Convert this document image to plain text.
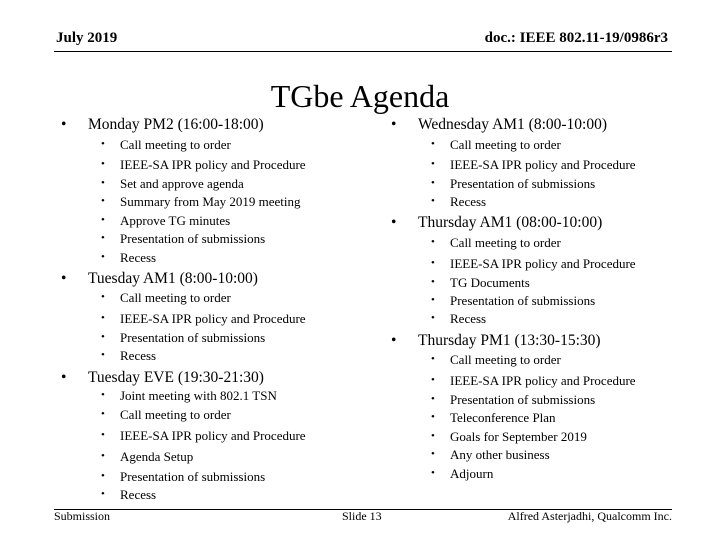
July 2019	doc.: IEEE 802.11-19/0986r3
TGbe Agenda
• Monday PM2 (16:00-18:00)
• Call meeting to order
• IEEE-SA IPR policy and Procedure
• Set and approve agenda
• Summary from May 2019 meeting
• Approve TG minutes
• Presentation of submissions
• Recess
• Tuesday AM1 (8:00-10:00)
• Call meeting to order
• IEEE-SA IPR policy and Procedure
• Presentation of submissions
• Recess
• Tuesday EVE (19:30-21:30)
• Joint meeting with 802.1 TSN
• Call meeting to order
• IEEE-SA IPR policy and Procedure
• Agenda Setup
• Presentation of submissions
• Recess
• Wednesday AM1 (8:00-10:00)
• Call meeting to order
• IEEE-SA IPR policy and Procedure
• Presentation of submissions
• Recess
• Thursday AM1 (08:00-10:00)
• Call meeting to order
• IEEE-SA IPR policy and Procedure
• TG Documents
• Presentation of submissions
• Recess
• Thursday PM1 (13:30-15:30)
• Call meeting to order
• IEEE-SA IPR policy and Procedure
• Presentation of submissions
• Teleconference Plan
• Goals for September 2019
• Any other business
• Adjourn
Submission	Slide 13	Alfred Asterjadhi, Qualcomm Inc.
